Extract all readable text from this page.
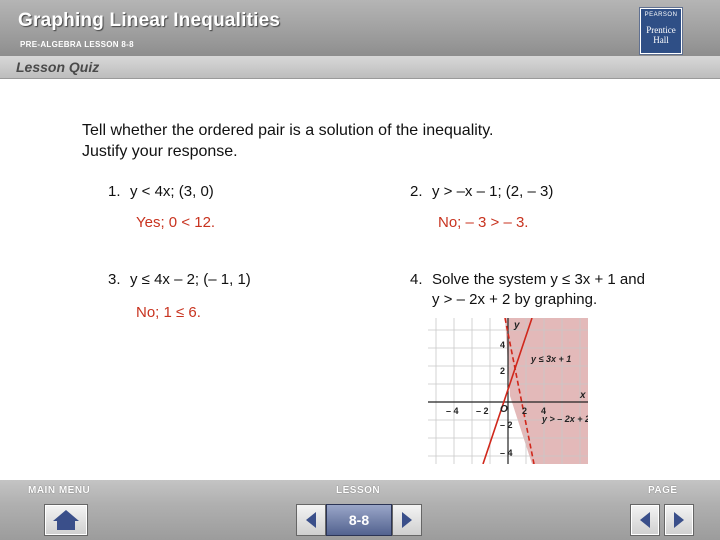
Graphing Linear Inequalities
PRE-ALGEBRA LESSON 8-8
PEARSON
Prentice
Hall
Lesson Quiz
Tell whether the ordered pair is a solution of the inequality.
Justify your response.
1. y < 4x; (3, 0)
Yes; 0 < 12.
2. y > –x – 1; (2, – 3)
No; – 3 > – 3.
3. y ≤ 4x – 2; (– 1, 1)
No; 1 ≤ 6.
4. Solve the system y ≤ 3x + 1 and
y > – 2x + 2 by graphing.
y
x
O
– 4 – 2	2 4
4
2
– 2
– 4
y ≤ 3x + 1
y > – 2x + 2
MAIN MENU	LESSON	PAGE
8-8
